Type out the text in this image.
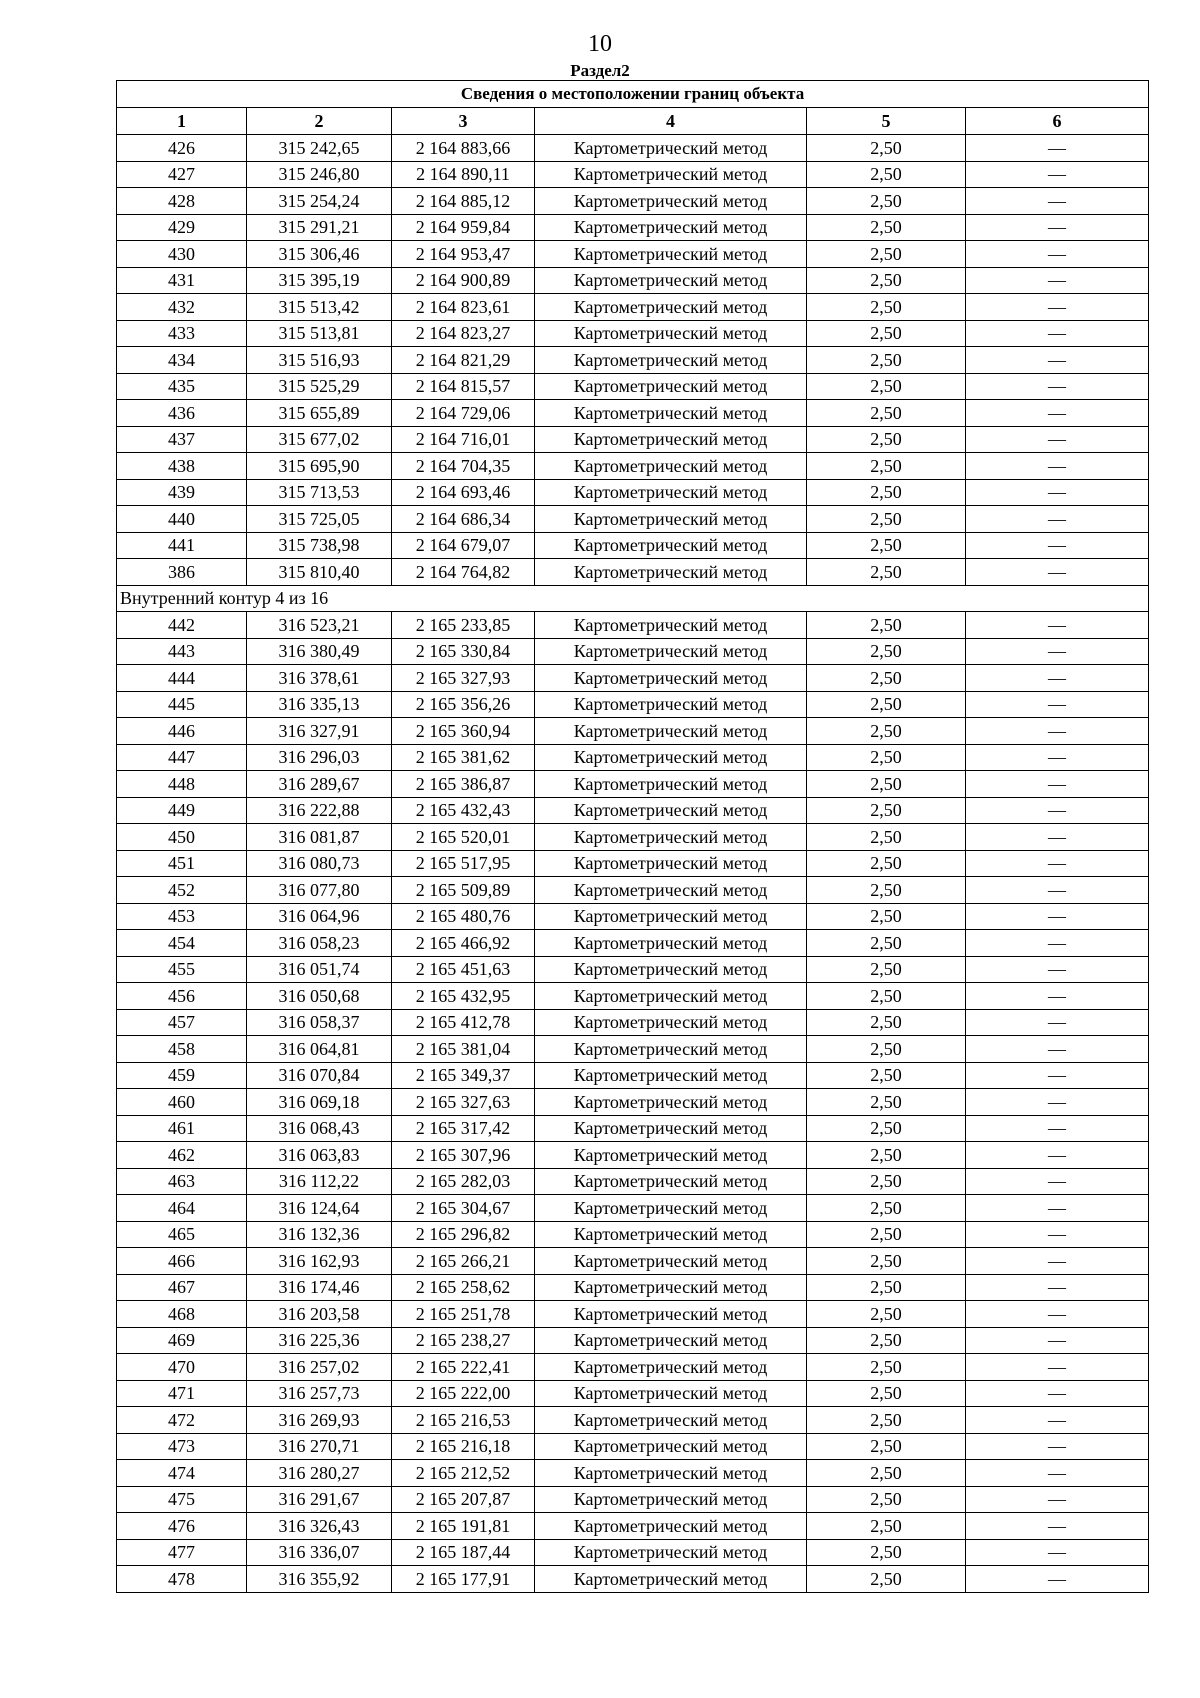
10
Раздел2
Сведения о местоположении границ объекта					
1	2	3	4	5	6
426	315 242,65	2 164 883,66	Картометрический метод	2,50	—
427	315 246,80	2 164 890,11	Картометрический метод	2,50	—
428	315 254,24	2 164 885,12	Картометрический метод	2,50	—
429	315 291,21	2 164 959,84	Картометрический метод	2,50	—
430	315 306,46	2 164 953,47	Картометрический метод	2,50	—
431	315 395,19	2 164 900,89	Картометрический метод	2,50	—
432	315 513,42	2 164 823,61	Картометрический метод	2,50	—
433	315 513,81	2 164 823,27	Картометрический метод	2,50	—
434	315 516,93	2 164 821,29	Картометрический метод	2,50	—
435	315 525,29	2 164 815,57	Картометрический метод	2,50	—
436	315 655,89	2 164 729,06	Картометрический метод	2,50	—
437	315 677,02	2 164 716,01	Картометрический метод	2,50	—
438	315 695,90	2 164 704,35	Картометрический метод	2,50	—
439	315 713,53	2 164 693,46	Картометрический метод	2,50	—
440	315 725,05	2 164 686,34	Картометрический метод	2,50	—
441	315 738,98	2 164 679,07	Картометрический метод	2,50	—
386	315 810,40	2 164 764,82	Картометрический метод	2,50	—
Внутренний контур 4 из 16					
442	316 523,21	2 165 233,85	Картометрический метод	2,50	—
443	316 380,49	2 165 330,84	Картометрический метод	2,50	—
444	316 378,61	2 165 327,93	Картометрический метод	2,50	—
445	316 335,13	2 165 356,26	Картометрический метод	2,50	—
446	316 327,91	2 165 360,94	Картометрический метод	2,50	—
447	316 296,03	2 165 381,62	Картометрический метод	2,50	—
448	316 289,67	2 165 386,87	Картометрический метод	2,50	—
449	316 222,88	2 165 432,43	Картометрический метод	2,50	—
450	316 081,87	2 165 520,01	Картометрический метод	2,50	—
451	316 080,73	2 165 517,95	Картометрический метод	2,50	—
452	316 077,80	2 165 509,89	Картометрический метод	2,50	—
453	316 064,96	2 165 480,76	Картометрический метод	2,50	—
454	316 058,23	2 165 466,92	Картометрический метод	2,50	—
455	316 051,74	2 165 451,63	Картометрический метод	2,50	—
456	316 050,68	2 165 432,95	Картометрический метод	2,50	—
457	316 058,37	2 165 412,78	Картометрический метод	2,50	—
458	316 064,81	2 165 381,04	Картометрический метод	2,50	—
459	316 070,84	2 165 349,37	Картометрический метод	2,50	—
460	316 069,18	2 165 327,63	Картометрический метод	2,50	—
461	316 068,43	2 165 317,42	Картометрический метод	2,50	—
462	316 063,83	2 165 307,96	Картометрический метод	2,50	—
463	316 112,22	2 165 282,03	Картометрический метод	2,50	—
464	316 124,64	2 165 304,67	Картометрический метод	2,50	—
465	316 132,36	2 165 296,82	Картометрический метод	2,50	—
466	316 162,93	2 165 266,21	Картометрический метод	2,50	—
467	316 174,46	2 165 258,62	Картометрический метод	2,50	—
468	316 203,58	2 165 251,78	Картометрический метод	2,50	—
469	316 225,36	2 165 238,27	Картометрический метод	2,50	—
470	316 257,02	2 165 222,41	Картометрический метод	2,50	—
471	316 257,73	2 165 222,00	Картометрический метод	2,50	—
472	316 269,93	2 165 216,53	Картометрический метод	2,50	—
473	316 270,71	2 165 216,18	Картометрический метод	2,50	—
474	316 280,27	2 165 212,52	Картометрический метод	2,50	—
475	316 291,67	2 165 207,87	Картометрический метод	2,50	—
476	316 326,43	2 165 191,81	Картометрический метод	2,50	—
477	316 336,07	2 165 187,44	Картометрический метод	2,50	—
478	316 355,92	2 165 177,91	Картометрический метод	2,50	—
